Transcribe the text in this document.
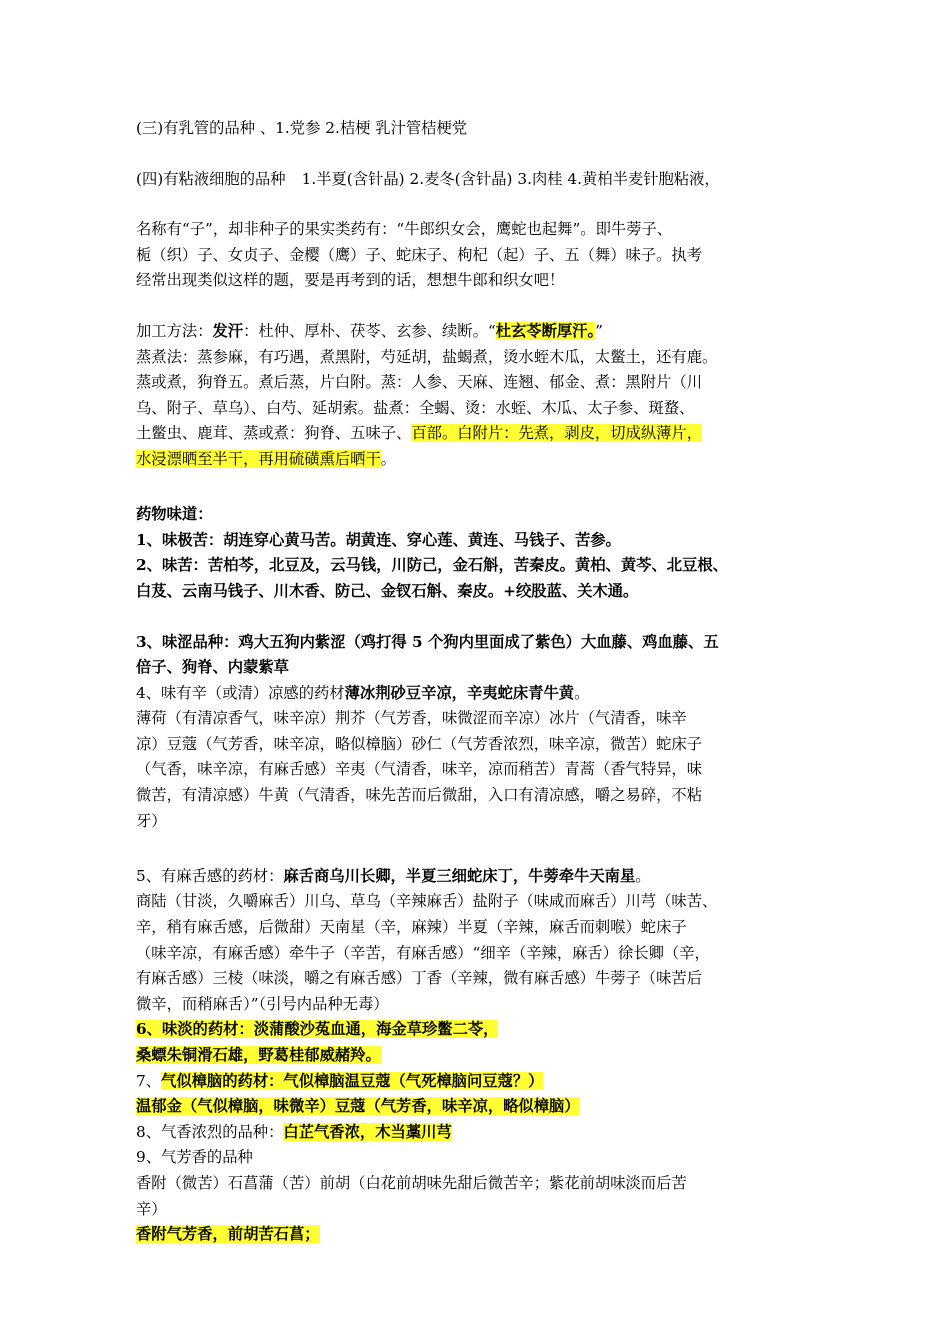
(三)有乳管的品种 、1.党参 2.桔梗 乳汁管桔梗党
(四)有粘液细胞的品种 1.半夏(含针晶) 2.麦冬(含针晶) 3.肉桂 4.黄柏半麦针胞粘液，
名称有“子”，却非种子的果实类药有：“牛郎织女会，鹰蛇也起舞”。即牛蒡子、
栀（织）子、女贞子、金樱（鹰）子、蛇床子、枸杞（起）子、五（舞）味子。执考
经常出现类似这样的题，要是再考到的话，想想牛郎和织女吧！
加工方法：发汗：杜仲、厚朴、茯苓、玄参、续断。“杜玄苓断厚汗。”
蒸煮法：蒸参麻，有巧遇，煮黑附，芍延胡，盐蝎煮，烫水蛭木瓜，太鳖土，还有鹿。
蒸或煮，狗脊五。煮后蒸，片白附。蒸：人参、天麻、连翘、郁金、煮：黑附片（川
乌、附子、草乌）、白芍、延胡索。盐煮：全蝎、烫：水蛭、木瓜、太子参、斑蝥、
土鳖虫、鹿茸、蒸或煮：狗脊、五味子、百部。白附片：先煮，剥皮，切成纵薄片，
水浸漂晒至半干，再用硫磺熏后晒干。
药物味道：
1、味极苦：胡连穿心黄马苦。胡黄连、穿心莲、黄连、马钱子、苦参。
2、味苦：苦柏芩，北豆及，云马钱，川防己，金石斛，苦秦皮。黄柏、黄芩、北豆根、
白芨、云南马钱子、川木香、防己、金钗石斛、秦皮。+绞股蓝、关木通。
3、味涩品种：鸡大五狗内紫涩（鸡打得 5 个狗内里面成了紫色）大血藤、鸡血藤、五
倍子、狗脊、内蒙紫草
4、味有辛（或清）凉感的药材薄冰荆砂豆辛凉，辛夷蛇床青牛黄。
薄荷（有清凉香气，味辛凉）荆芥（气芳香，味微涩而辛凉）冰片（气清香，味辛
凉）豆蔻（气芳香，味辛凉，略似樟脑）砂仁（气芳香浓烈，味辛凉，微苦）蛇床子
（气香，味辛凉，有麻舌感）辛夷（气清香，味辛，凉而稍苦）青蒿（香气特异，味
微苦，有清凉感）牛黄（气清香，味先苦而后微甜，入口有清凉感，嚼之易碎，不粘
牙）
5、有麻舌感的药材：麻舌商乌川长卿，半夏三细蛇床丁，牛蒡牵牛天南星。
商陆（甘淡，久嚼麻舌）川乌、草乌（辛辣麻舌）盐附子（味咸而麻舌）川芎（味苦、
辛，稍有麻舌感，后微甜）天南星（辛，麻辣）半夏（辛辣，麻舌而刺喉）蛇床子
（味辛凉，有麻舌感）牵牛子（辛苦，有麻舌感）“细辛（辛辣，麻舌）徐长卿（辛，
有麻舌感）三棱（味淡，嚼之有麻舌感）丁香（辛辣，微有麻舌感）牛蒡子（味苦后
微辛，而稍麻舌）”（引号内品种无毒）
6、味淡的药材：淡蒲酸沙菟血通，海金草珍鳖二苓，
桑螵朱铜滑石雄，野葛桂郁威赭羚。
7、气似樟脑的药材：气似樟脑温豆蔻（气死樟脑问豆蔻？）
温郁金（气似樟脑，味微辛）豆蔻（气芳香，味辛凉，略似樟脑）
8、气香浓烈的品种：白芷气香浓，木当藁川芎
9、气芳香的品种
香附（微苦）石菖蒲（苦）前胡（白花前胡味先甜后微苦辛；紫花前胡味淡而后苦
辛）
香附气芳香，前胡苦石菖；
